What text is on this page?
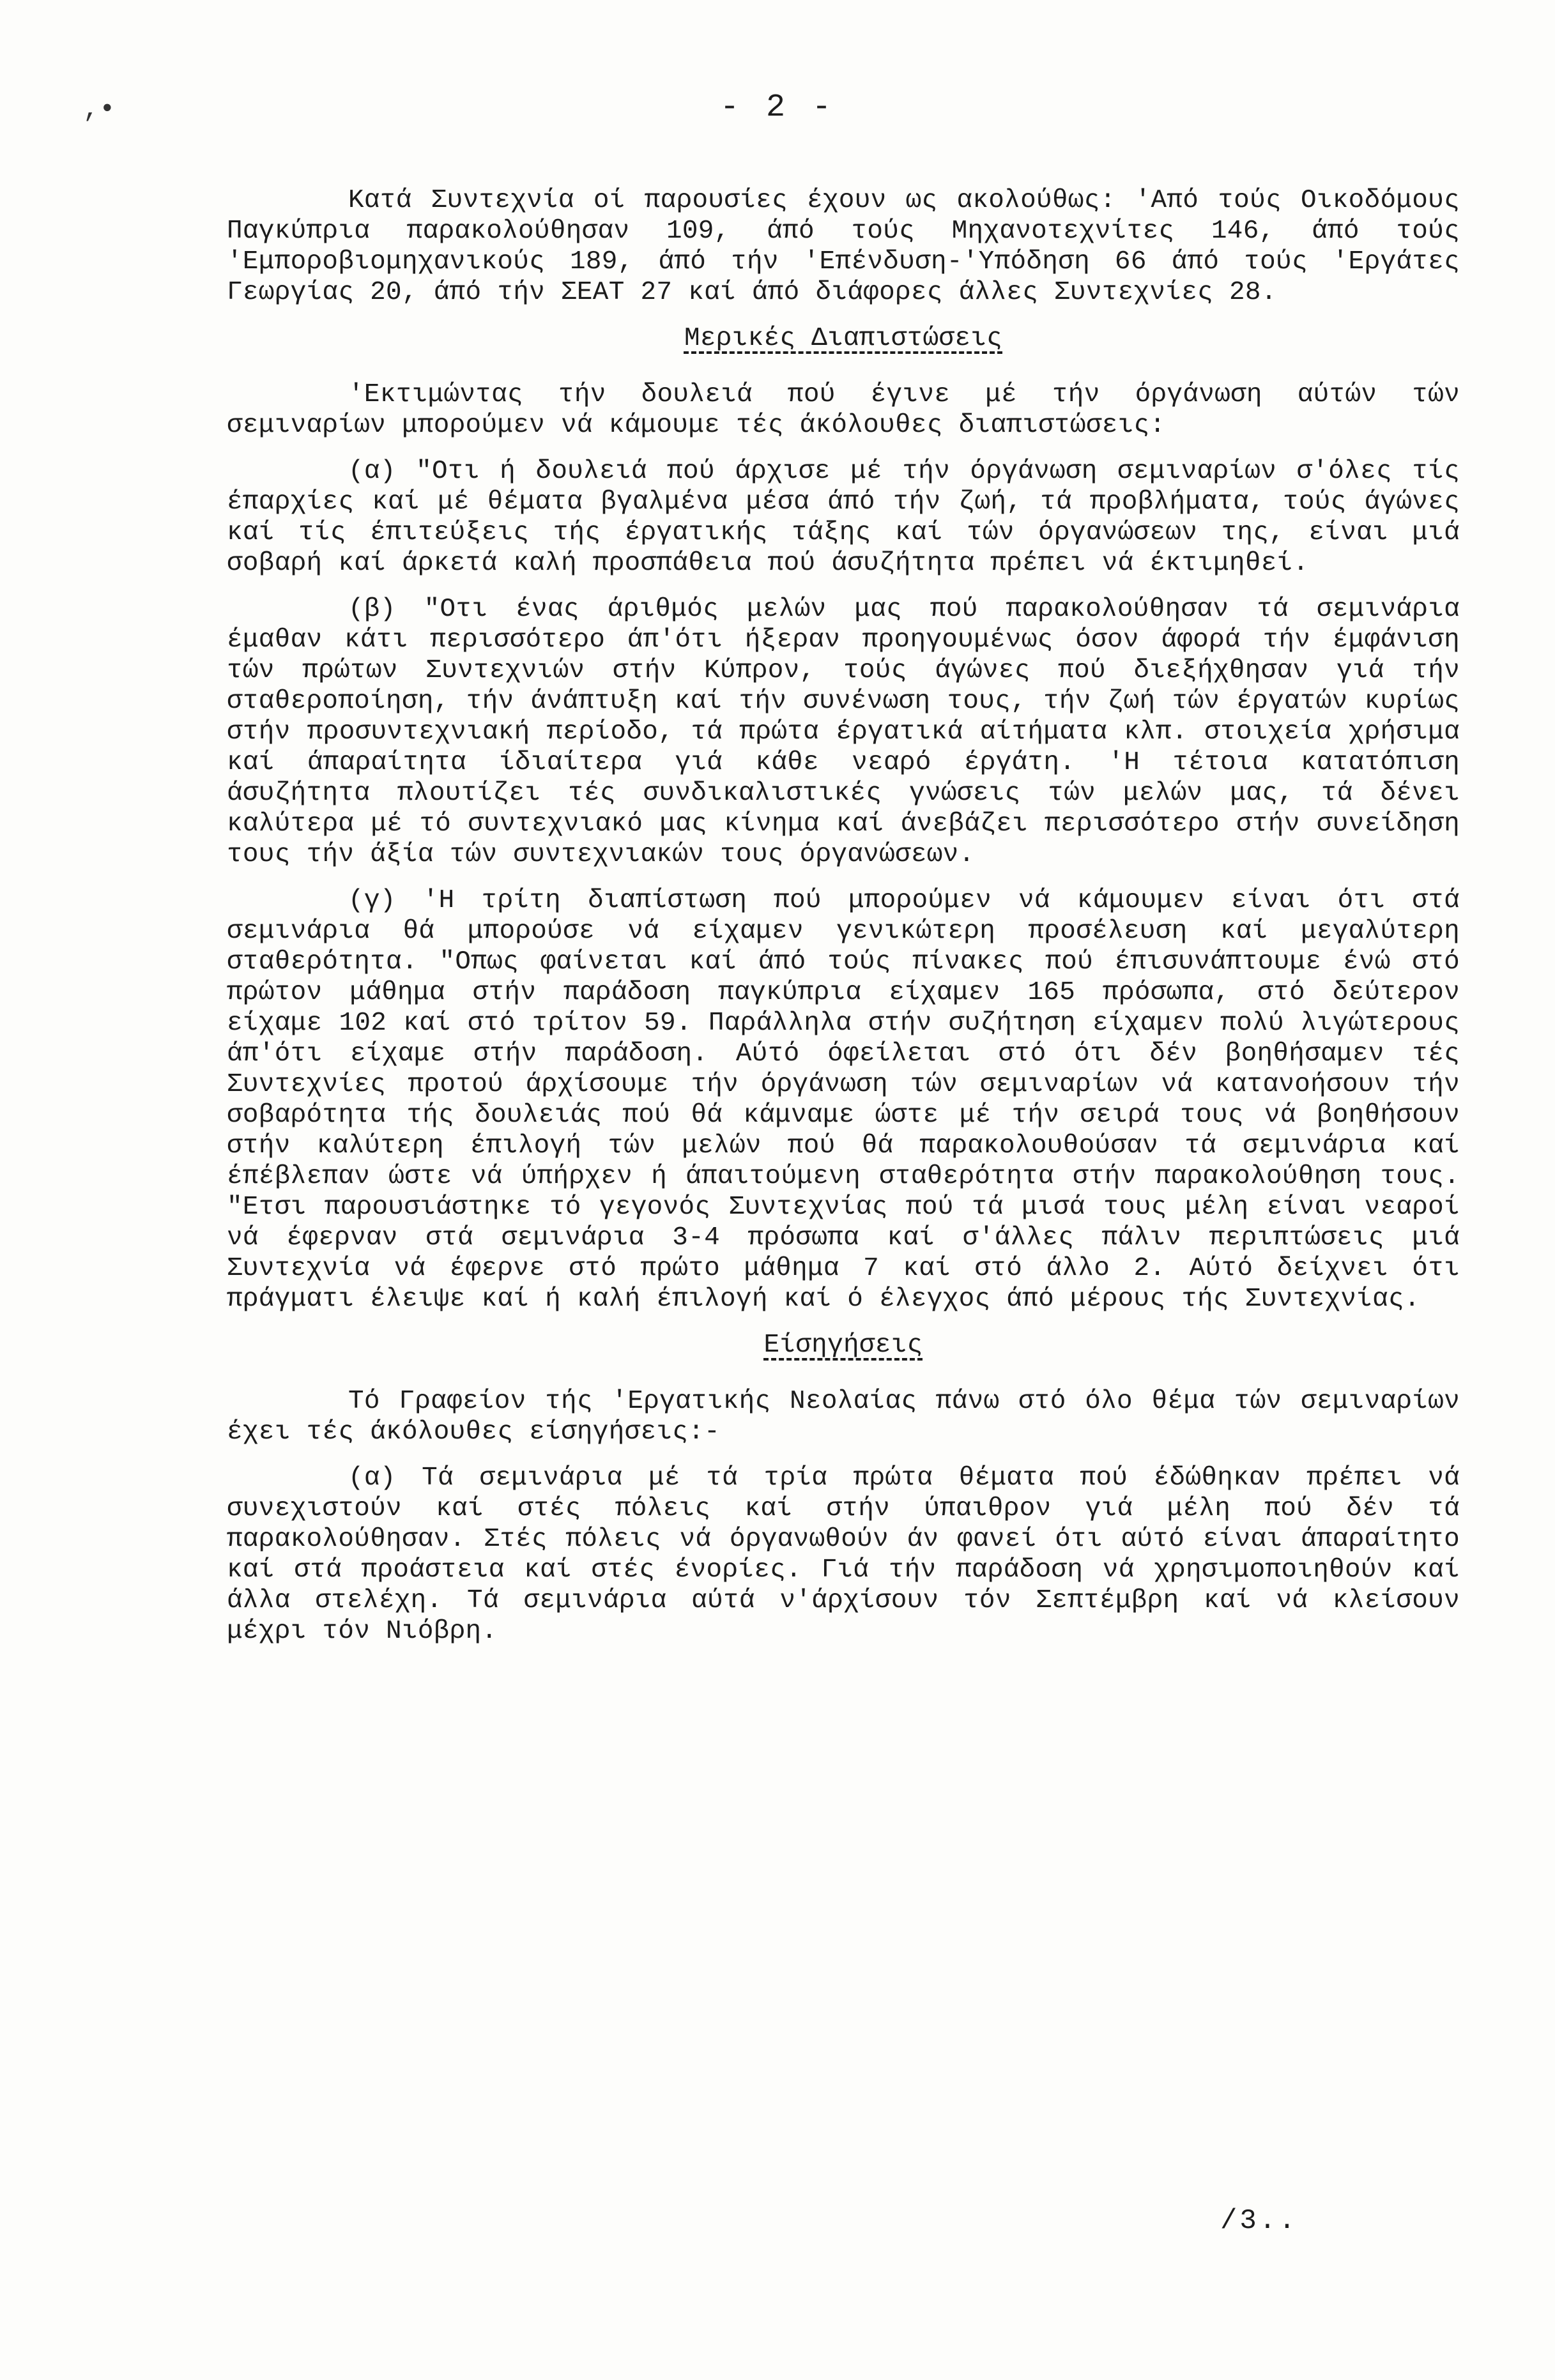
,•	- 2 -

Κατά Συντεχνία οί παρουσίες έχουν ως ακολούθως: 'Από τούς Οικοδόμους Παγκύπρια παρακολούθησαν 109, άπό τούς Μηχανοτεχνίτες 146, άπό τούς 'Εμποροβιομηχανικούς 189, άπό τήν 'Επένδυση-'Υπόδηση 66 άπό τούς 'Εργάτες Γεωργίας 20, άπό τήν ΣΕΑΤ 27 καί άπό διάφορες άλλες Συντεχνίες 28.

Μερικές Διαπιστώσεις

'Εκτιμώντας τήν δουλειά πού έγινε μέ τήν όργάνωση αύτών τών σεμιναρίων μπορούμεν νά κάμουμε τές άκόλουθες διαπιστώσεις:

(α) "Οτι ή δουλειά πού άρχισε μέ τήν όργάνωση σεμιναρίων σ'όλες τίς έπαρχίες καί μέ θέματα βγαλμένα μέσα άπό τήν ζωή, τά προβλήματα, τούς άγώνες καί τίς έπιτεύξεις τής έργατικής τάξης καί τών όργανώσεων της, είναι μιά σοβαρή καί άρκετά καλή προσπάθεια πού άσυζήτητα πρέπει νά έκτιμηθεί.

(β) "Οτι ένας άριθμός μελών μας πού παρακολούθησαν τά σεμινάρια έμαθαν κάτι περισσότερο άπ'ότι ήξεραν προηγουμένως όσον άφορά τήν έμφάνιση τών πρώτων Συντεχνιών στήν Κύπρον, τούς άγώνες πού διεξήχθησαν γιά τήν σταθεροποίηση, τήν άνάπτυξη καί τήν συνένωση τους, τήν ζωή τών έργατών κυρίως στήν προσυντεχνιακή περίοδο, τά πρώτα έργατικά αίτήματα κλπ. στοιχεία χρήσιμα καί άπαραίτητα ίδιαίτερα γιά κάθε νεαρό έργάτη. 'Η τέτοια κατατόπιση άσυζήτητα πλουτίζει τές συνδικαλιστικές γνώσεις τών μελών μας, τά δένει καλύτερα μέ τό συντεχνιακό μας κίνημα καί άνεβάζει περισσότερο στήν συνείδηση τους τήν άξία τών συντεχνιακών τους όργανώσεων.

(γ) 'Η τρίτη διαπίστωση πού μπορούμεν νά κάμουμεν είναι ότι στά σεμινάρια θά μπορούσε νά είχαμεν γενικώτερη προσέλευση καί μεγαλύτερη σταθερότητα. "Οπως φαίνεται καί άπό τούς πίνακες πού έπισυνάπτουμε ένώ στό πρώτον μάθημα στήν παράδοση παγκύπρια είχαμεν 165 πρόσωπα, στό δεύτερον είχαμε 102 καί στό τρίτον 59. Παράλληλα στήν συζήτηση είχαμεν πολύ λιγώτερους άπ'ότι είχαμε στήν παράδοση. Αύτό όφείλεται στό ότι δέν βοηθήσαμεν τές Συντεχνίες προτού άρχίσουμε τήν όργάνωση τών σεμιναρίων νά κατανοήσουν τήν σοβαρότητα τής δουλειάς πού θά κάμναμε ώστε μέ τήν σειρά τους νά βοηθήσουν στήν καλύτερη έπιλογή τών μελών πού θά παρακολουθούσαν τά σεμινάρια καί έπέβλεπαν ώστε νά ύπήρχεν ή άπαιτούμενη σταθερότητα στήν παρακολούθηση τους. "Ετσι παρουσιάστηκε τό γεγονός Συντεχνίας πού τά μισά τους μέλη είναι νεαροί νά έφερναν στά σεμινάρια 3-4 πρόσωπα καί σ'άλλες πάλιν περιπτώσεις μιά Συντεχνία νά έφερνε στό πρώτο μάθημα 7 καί στό άλλο 2. Αύτό δείχνει ότι πράγματι έλειψε καί ή καλή έπιλογή καί ό έλεγχος άπό μέρους τής Συντεχνίας.

Είσηγήσεις

Τό Γραφείον τής 'Εργατικής Νεολαίας πάνω στό όλο θέμα τών σεμιναρίων έχει τές άκόλουθες είσηγήσεις:-

(α) Τά σεμινάρια μέ τά τρία πρώτα θέματα πού έδώθηκαν πρέπει νά συνεχιστούν καί στές πόλεις καί στήν ύπαιθρον γιά μέλη πού δέν τά παρακολούθησαν. Στές πόλεις νά όργανωθούν άν φανεί ότι αύτό είναι άπαραίτητο καί στά προάστεια καί στές ένορίες. Γιά τήν παράδοση νά χρησιμοποιηθούν καί άλλα στελέχη. Τά σεμινάρια αύτά ν'άρχίσουν τόν Σεπτέμβρη καί νά κλείσουν μέχρι τόν Νιόβρη.

/3..
